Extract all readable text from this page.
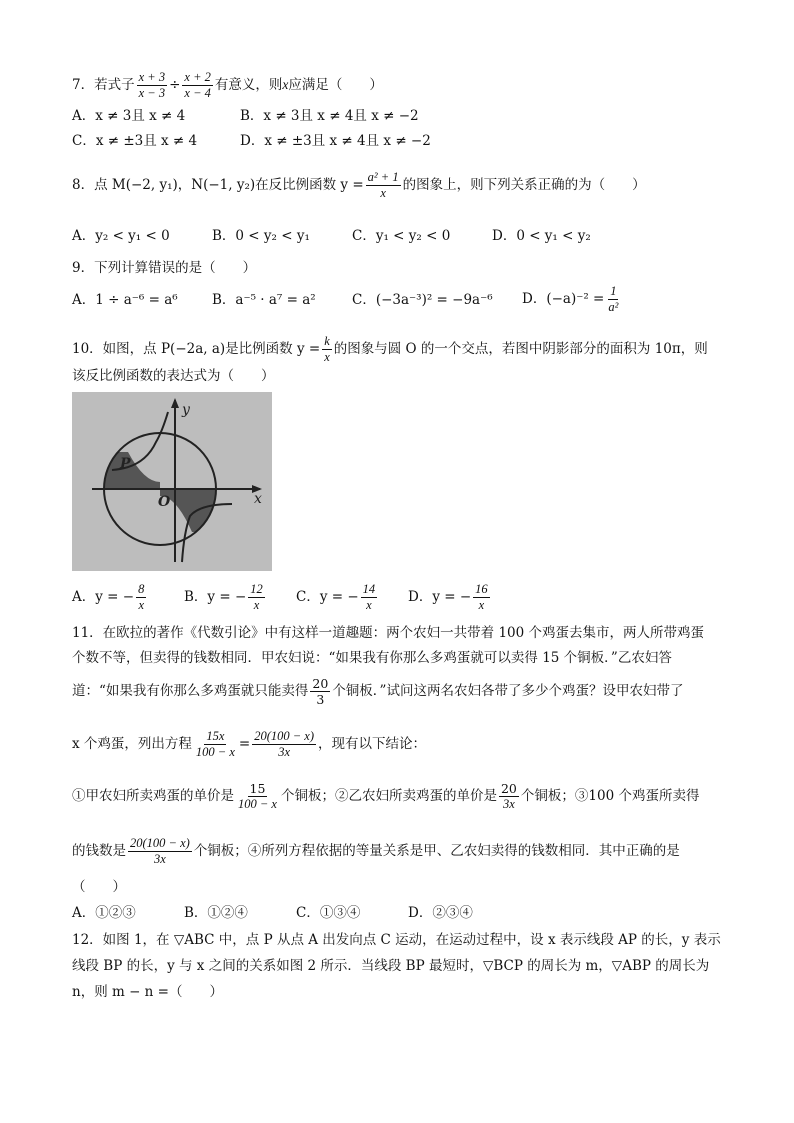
7．若式子 $\frac{x + 3}{x - 3} \div \frac{x + 2}{x - 4}$ 有意义，则x应满足（　　）
A．x ≠ 3且 x ≠ 4	B．x ≠ 3且 x ≠ 4且 x ≠ −2
C．x ≠ ±3且 x ≠ 4	D．x ≠ ±3且 x ≠ 4且 x ≠ −2
8．点 M(−2, y₁)，N(−1, y₂)在反比例函数 $y = \frac{\text{a² + 1}}{x}$ 的图象上，则下列关系正确的为（　　）
A．y₂ < y₁ < 0	B．0 < y₂ < y₁	C．y₁ < y₂ < 0	D．0 < y₁ < y₂
9．下列计算错误的是（　　）
A．1 ÷ a⁻⁶ = a⁶	B．a⁻⁵ · a⁷ = a²	C．(−3a⁻³)² = −9a⁻⁶ D．$(-a)^{-2} = \frac{1}{\text{a²}}$
10．如图，点 P(−2a, a)是比例函数 $y = \frac{k}{x}$ 的图象与圆 O 的一个交点，若图中阴影部分的面积为 10π，则
该反比例函数的表达式为（　　）
P
O	x
y
A．y = − $\frac{8}{x}$	B．y = − $\frac{12}{x}$ C．y = − $\frac{14}{x}$ D．y = − $\frac{16}{x}$
11．在欧拉的著作《代数引论》中有这样一道趣题：两个农妇一共带着 100 个鸡蛋去集市，两人所带鸡蛋
个数不等，但卖得的钱数相同．甲农妇说：“如果我有你那么多鸡蛋就可以卖得 15 个铜板．”乙农妇答
道：“如果我有你那么多鸡蛋就只能卖得 $\frac{20}{3}$ 个铜板．”试问这两名农妇各带了多少个鸡蛋？设甲农妇带了
x 个鸡蛋，列出方程 $\frac{15x}{100 - x} = \frac{20(100 - x)}{3x}$ ，现有以下结论：
①甲农妇所卖鸡蛋的单价是 $\frac{15}{100 - x}$ 个铜板；②乙农妇所卖鸡蛋的单价是 $\frac{20}{3x}$ 个铜板；③100 个鸡蛋所卖得
的钱数是 $\frac{20(100 - x)}{3x}$ 个铜板；④所列方程依据的等量关系是甲、乙农妇卖得的钱数相同．其中正确的是
（　　）
A．①②③	B．①②④	C．①③④	D．②③④
12．如图 1，在 ▽ABC 中，点 P 从点 A 出发向点 C 运动，在运动过程中，设 x 表示线段 AP 的长，y 表示
线段 BP 的长，y 与 x 之间的关系如图 2 所示．当线段 BP 最短时，▽BCP 的周长为 m，▽ABP 的周长为
n，则 m − n =（　　）
